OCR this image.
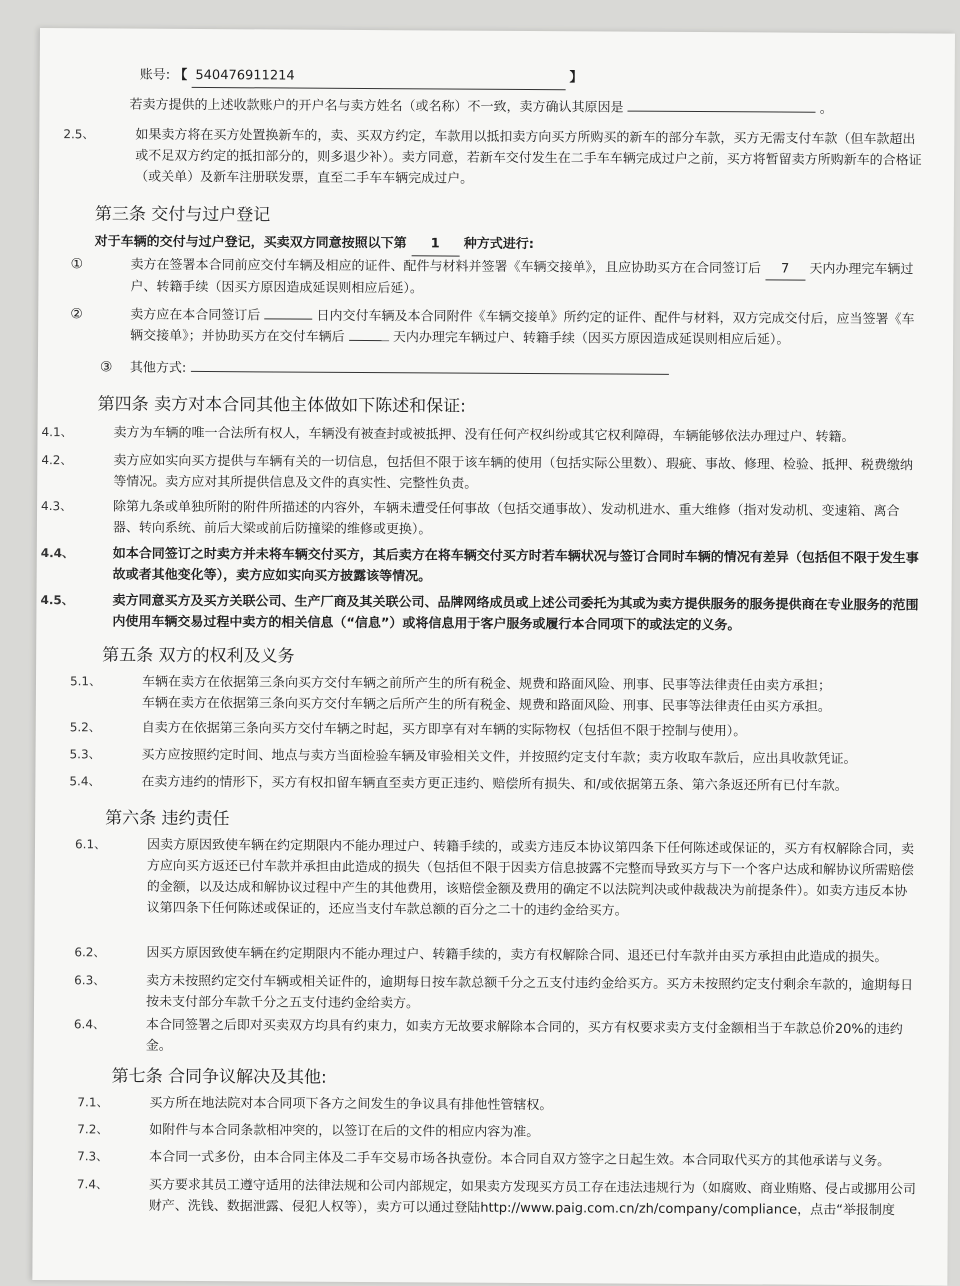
账号: 【 540476911214	】
若卖方提供的上述收款账户的开户名与卖方姓名（或名称）不一致，卖方确认其原因是	。
2.5、	如果卖方将在买方处置换新车的，卖、买双方约定，车款用以抵扣卖方向买方所购买的新车的部分车款，买方无需支付车款（但车款超出或不足双方约定的抵扣部分的，则多退少补）。卖方同意，若新车交付发生在二手车车辆完成过户之前，买方将暂留卖方所购新车的合格证（或关单）及新车注册联发票，直至二手车车辆完成过户。
第三条 交付与过户登记
对于车辆的交付与过户登记，买卖双方同意按照以下第 1 种方式进行:
①	卖方在签署本合同前应交付车辆及相应的证件、配件与材料并签署《车辆交接单》，且应协助买方在合同签订后 7 天内办理完车辆过户、转籍手续（因买方原因造成延误则相应后延）。
②	卖方应在本合同签订后	日内交付车辆及本合同附件《车辆交接单》所约定的证件、配件与材料，双方完成交付后，应当签署《车辆交接单》；并协助买方在交付车辆后	天内办理完车辆过户、转籍手续（因买方原因造成延误则相应后延）。
③ 其他方式:
第四条 卖方对本合同其他主体做如下陈述和保证:
4.1、	卖方为车辆的唯一合法所有权人，车辆没有被查封或被抵押、没有任何产权纠纷或其它权利障碍，车辆能够依法办理过户、转籍。
4.2、	卖方应如实向买方提供与车辆有关的一切信息，包括但不限于该车辆的使用（包括实际公里数）、瑕疵、事故、修理、检验、抵押、税费缴纳等情况。卖方应对其所提供信息及文件的真实性、完整性负责。
4.3、	除第九条或单独所附的附件所描述的内容外，车辆未遭受任何事故（包括交通事故）、发动机进水、重大维修（指对发动机、变速箱、离合器、转向系统、前后大梁或前后防撞梁的维修或更换）。
4.4、	如本合同签订之时卖方并未将车辆交付买方，其后卖方在将车辆交付买方时若车辆状况与签订合同时车辆的情况有差异（包括但不限于发生事故或者其他变化等），卖方应如实向买方披露该等情况。
4.5、	卖方同意买方及买方关联公司、生产厂商及其关联公司、品牌网络成员或上述公司委托为其或为卖方提供服务的服务提供商在专业服务的范围内使用车辆交易过程中卖方的相关信息（“信息”）或将信息用于客户服务或履行本合同项下的或法定的义务。
第五条 双方的权利及义务
5.1、	车辆在卖方在依据第三条向买方交付车辆之前所产生的所有税金、规费和路面风险、刑事、民事等法律责任由卖方承担；
车辆在卖方在依据第三条向买方交付车辆之后所产生的所有税金、规费和路面风险、刑事、民事等法律责任由买方承担。
5.2、	自卖方在依据第三条向买方交付车辆之时起，买方即享有对车辆的实际物权（包括但不限于控制与使用）。
5.3、	买方应按照约定时间、地点与卖方当面检验车辆及审验相关文件，并按照约定支付车款；卖方收取车款后，应出具收款凭证。
5.4、	在卖方违约的情形下，买方有权扣留车辆直至卖方更正违约、赔偿所有损失、和/或依据第五条、第六条返还所有已付车款。
第六条 违约责任
6.1、	因卖方原因致使车辆在约定期限内不能办理过户、转籍手续的，或卖方违反本协议第四条下任何陈述或保证的，买方有权解除合同，卖方应向买方返还已付车款并承担由此造成的损失（包括但不限于因卖方信息披露不完整而导致买方与下一个客户达成和解协议所需赔偿的金额，以及达成和解协议过程中产生的其他费用，该赔偿金额及费用的确定不以法院判决或仲裁裁决为前提条件）。如卖方违反本协议第四条下任何陈述或保证的，还应当支付车款总额的百分之二十的违约金给买方。
6.2、	因买方原因致使车辆在约定期限内不能办理过户、转籍手续的，卖方有权解除合同、退还已付车款并由买方承担由此造成的损失。
6.3、	卖方未按照约定交付车辆或相关证件的，逾期每日按车款总额千分之五支付违约金给买方。买方未按照约定支付剩余车款的，逾期每日按未支付部分车款千分之五支付违约金给卖方。
6.4、	本合同签署之后即对买卖双方均具有约束力，如卖方无故要求解除本合同的，买方有权要求卖方支付金额相当于车款总价20%的违约金。
第七条 合同争议解决及其他:
7.1、	买方所在地法院对本合同项下各方之间发生的争议具有排他性管辖权。
7.2、	如附件与本合同条款相冲突的，以签订在后的文件的相应内容为准。
7.3、	本合同一式多份，由本合同主体及二手车交易市场各执壹份。本合同自双方签字之日起生效。本合同取代买方的其他承诺与义务。
7.4、	买方要求其员工遵守适用的法律法规和公司内部规定，如果卖方发现买方员工存在违法违规行为（如腐败、商业贿赂、侵占或挪用公司财产、洗钱、数据泄露、侵犯人权等），卖方可以通过登陆http://www.paig.com.cn/zh/company/compliance，点击“举报制度
